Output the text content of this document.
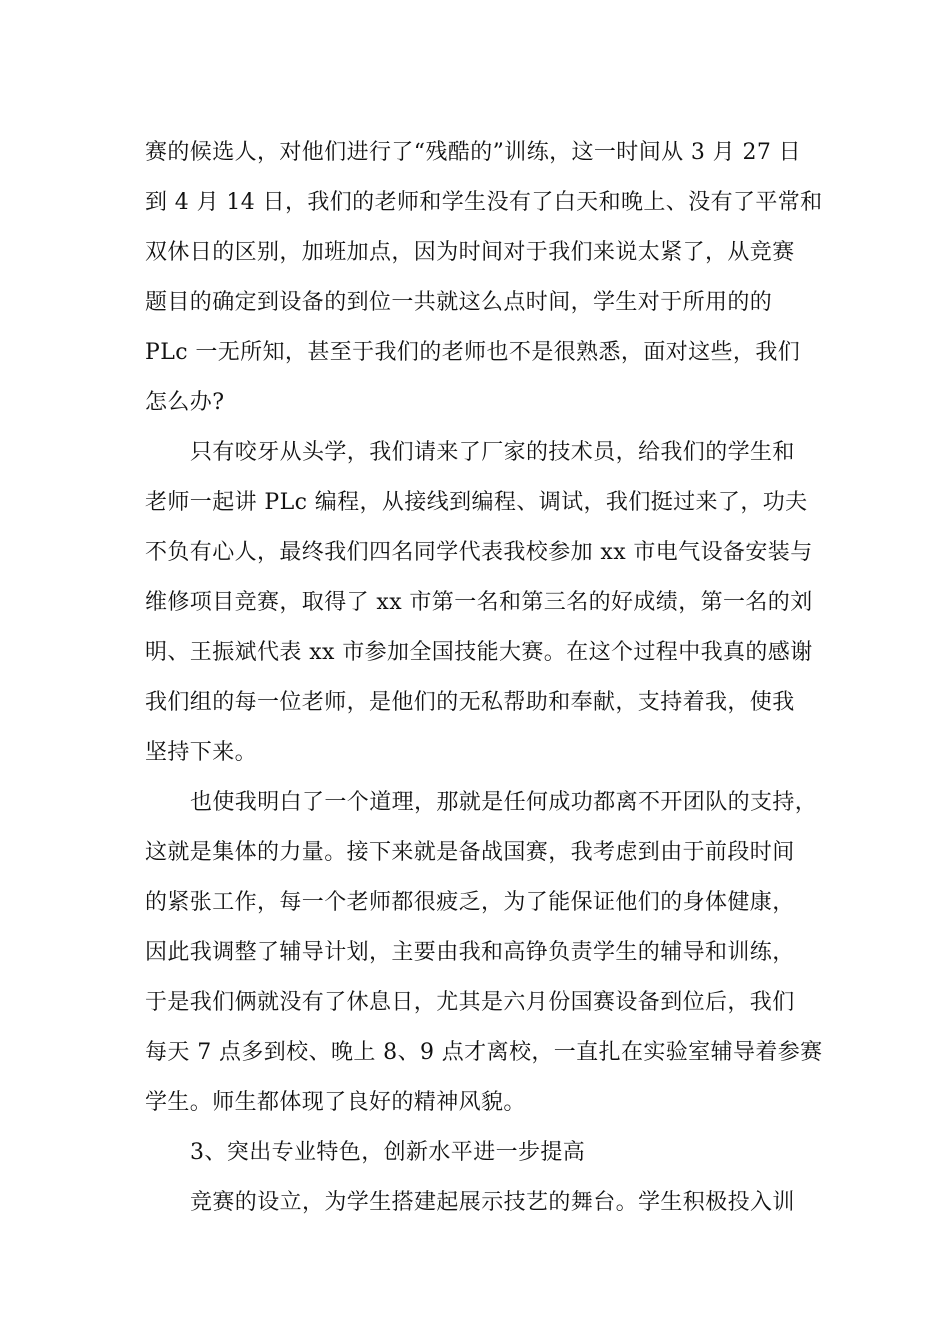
赛的候选人，对他们进行了“残酷的”训练，这一时间从 3 月 27 日
到 4 月 14 日，我们的老师和学生没有了白天和晚上、没有了平常和
双休日的区别，加班加点，因为时间对于我们来说太紧了，从竞赛
题目的确定到设备的到位一共就这么点时间，学生对于所用的的
PLc 一无所知，甚至于我们的老师也不是很熟悉，面对这些，我们
怎么办?
只有咬牙从头学，我们请来了厂家的技术员，给我们的学生和
老师一起讲 PLc 编程，从接线到编程、调试，我们挺过来了，功夫
不负有心人，最终我们四名同学代表我校参加 xx 市电气设备安装与
维修项目竞赛，取得了 xx 市第一名和第三名的好成绩，第一名的刘
明、王振斌代表 xx 市参加全国技能大赛。在这个过程中我真的感谢
我们组的每一位老师，是他们的无私帮助和奉献，支持着我，使我
坚持下来。
也使我明白了一个道理，那就是任何成功都离不开团队的支持，
这就是集体的力量。接下来就是备战国赛，我考虑到由于前段时间
的紧张工作，每一个老师都很疲乏，为了能保证他们的身体健康，
因此我调整了辅导计划，主要由我和高铮负责学生的辅导和训练，
于是我们俩就没有了休息日，尤其是六月份国赛设备到位后，我们
每天 7 点多到校、晚上 8、9 点才离校，一直扎在实验室辅导着参赛
学生。师生都体现了良好的精神风貌。
3、突出专业特色，创新水平进一步提高
竞赛的设立，为学生搭建起展示技艺的舞台。学生积极投入训
